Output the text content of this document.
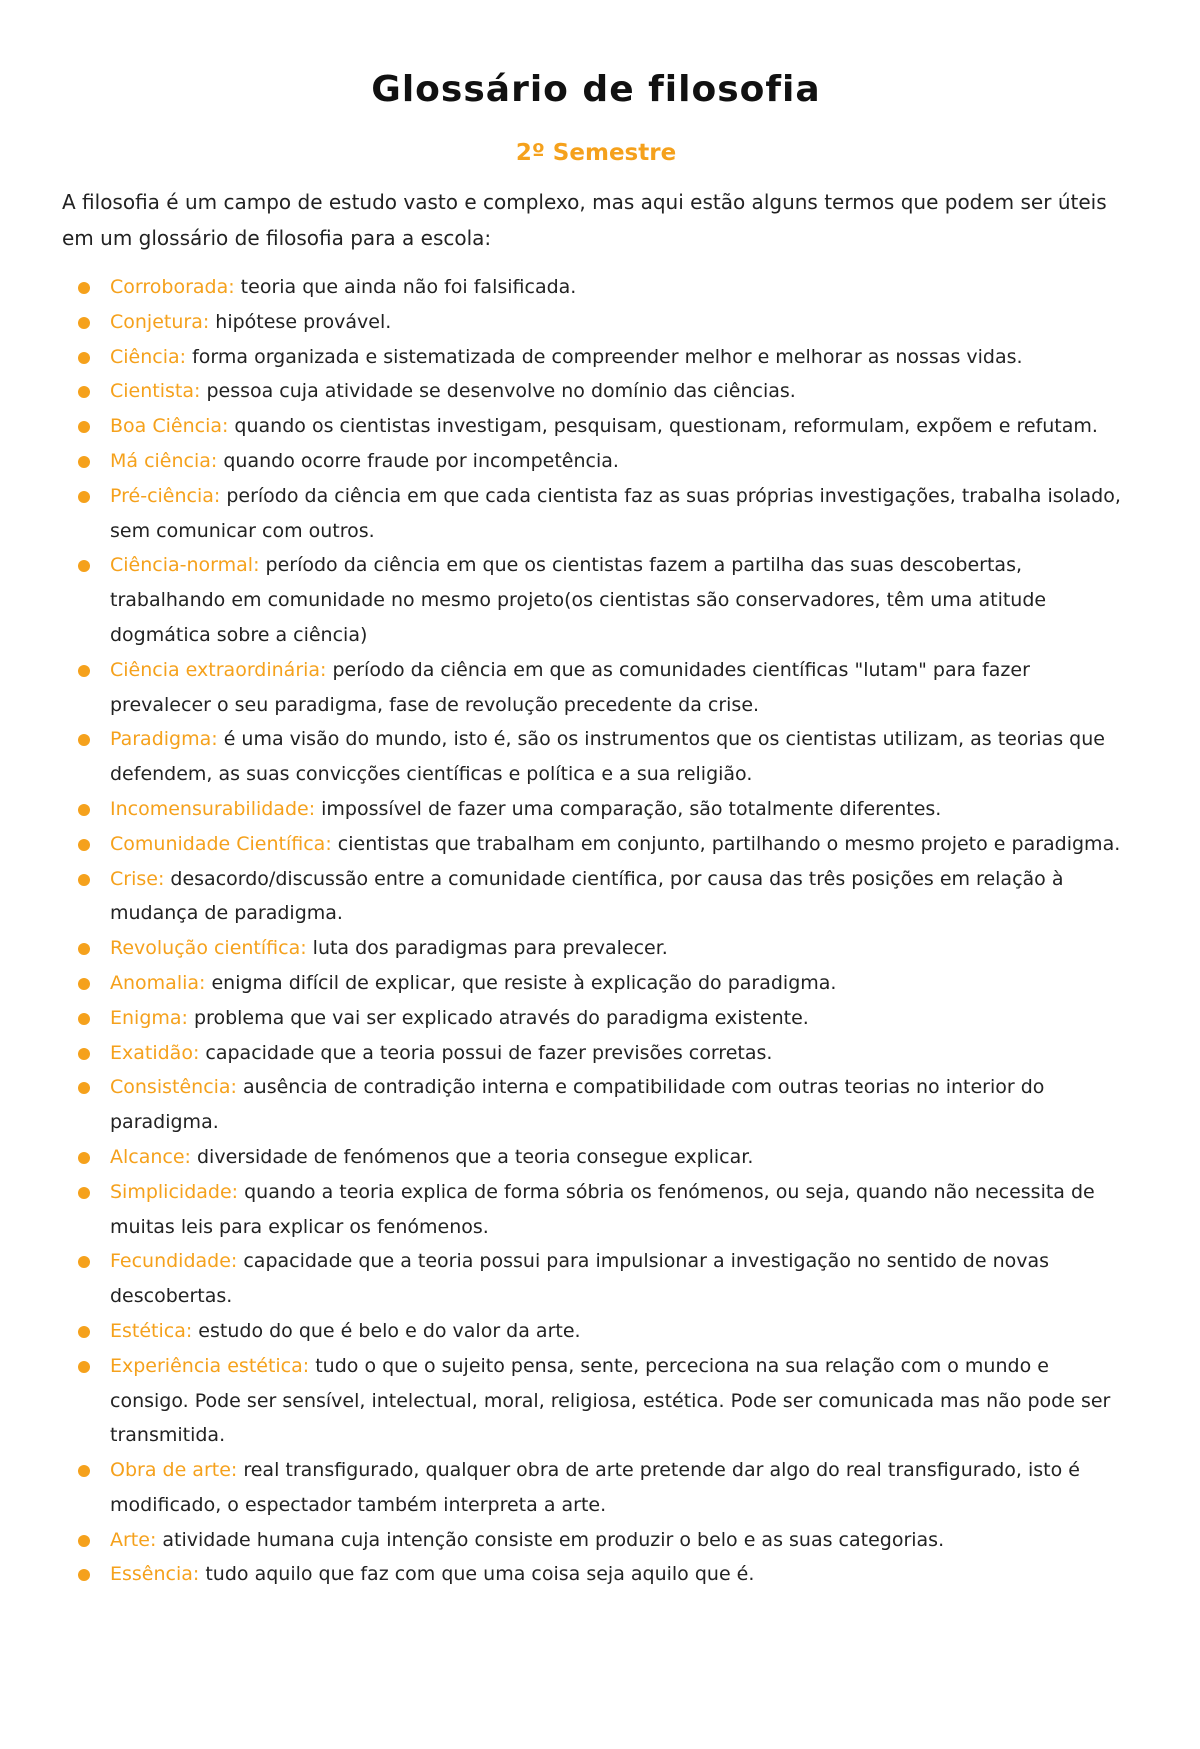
Glossário de filosofia
2º Semestre

A filosofia é um campo de estudo vasto e complexo, mas aqui estão alguns termos que podem ser úteis em um glossário de filosofia para a escola:

Corroborada: teoria que ainda não foi falsificada.
Conjetura: hipótese provável.
Ciência: forma organizada e sistematizada de compreender melhor e melhorar as nossas vidas.
Cientista: pessoa cuja atividade se desenvolve no domínio das ciências.
Boa Ciência: quando os cientistas investigam, pesquisam, questionam, reformulam, expõem e refutam.
Má ciência: quando ocorre fraude por incompetência.
Pré-ciência: período da ciência em que cada cientista faz as suas próprias investigações, trabalha isolado, sem comunicar com outros.
Ciência-normal: período da ciência em que os cientistas fazem a partilha das suas descobertas, trabalhando em comunidade no mesmo projeto(os cientistas são conservadores, têm uma atitude dogmática sobre a ciência)
Ciência extraordinária: período da ciência em que as comunidades científicas "lutam" para fazer prevalecer o seu paradigma, fase de revolução precedente da crise.
Paradigma: é uma visão do mundo, isto é, são os instrumentos que os cientistas utilizam, as teorias que defendem, as suas convicções científicas e política e a sua religião.
Incomensurabilidade: impossível de fazer uma comparação, são totalmente diferentes.
Comunidade Científica: cientistas que trabalham em conjunto, partilhando o mesmo projeto e paradigma.
Crise: desacordo/discussão entre a comunidade científica, por causa das três posições em relação à mudança de paradigma.
Revolução científica: luta dos paradigmas para prevalecer.
Anomalia: enigma difícil de explicar, que resiste à explicação do paradigma.
Enigma: problema que vai ser explicado através do paradigma existente.
Exatidão: capacidade que a teoria possui de fazer previsões corretas.
Consistência: ausência de contradição interna e compatibilidade com outras teorias no interior do paradigma.
Alcance: diversidade de fenómenos que a teoria consegue explicar.
Simplicidade: quando a teoria explica de forma sóbria os fenómenos, ou seja, quando não necessita de muitas leis para explicar os fenómenos.
Fecundidade: capacidade que a teoria possui para impulsionar a investigação no sentido de novas descobertas.
Estética: estudo do que é belo e do valor da arte.
Experiência estética: tudo o que o sujeito pensa, sente, perceciona na sua relação com o mundo e consigo. Pode ser sensível, intelectual, moral, religiosa, estética. Pode ser comunicada mas não pode ser transmitida.
Obra de arte: real transfigurado, qualquer obra de arte pretende dar algo do real transfigurado, isto é modificado, o espectador também interpreta a arte.
Arte: atividade humana cuja intenção consiste em produzir o belo e as suas categorias.
Essência: tudo aquilo que faz com que uma coisa seja aquilo que é.
